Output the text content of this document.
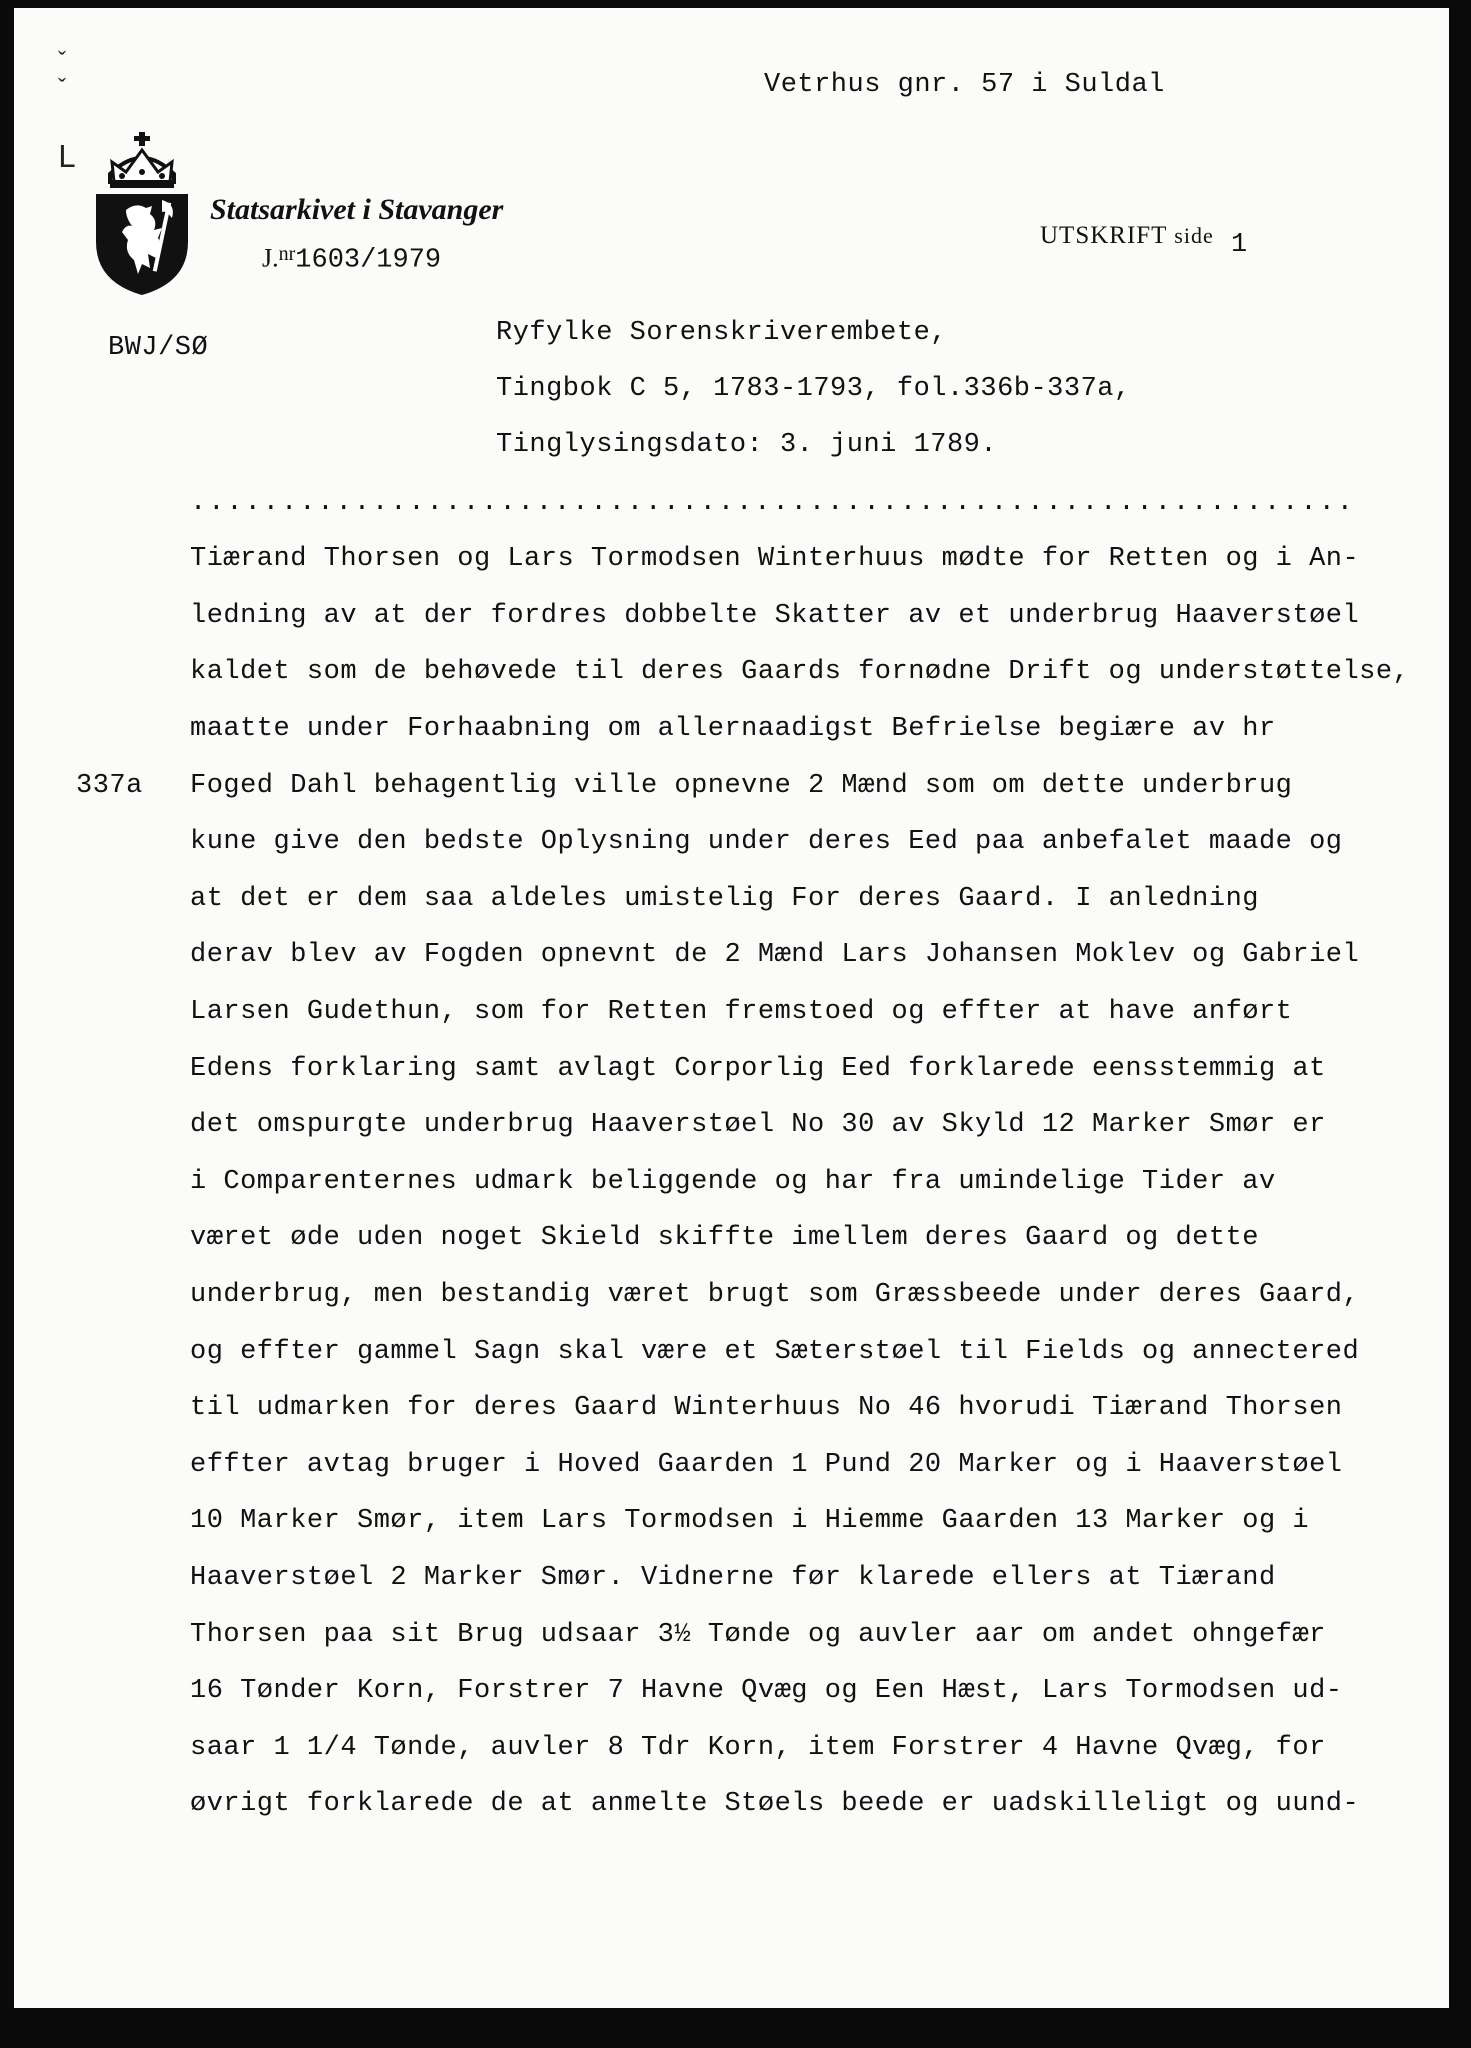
ˇ
ˇ
ᒪ
Vetrhus gnr. 57 i Suldal
Statsarkivet i Stavanger
J.nr1603/1979
UTSKRIFT side 1
BWJ/SØ	Ryfylke Sorenskriverembete,
Tingbok C 5, 1783-1793, fol.336b-337a,
Tinglysingsdato: 3. juni 1789.
................................................................
337a
Tiærand Thorsen og Lars Tormodsen Winterhuus mødte for Retten og i An-
ledning av at der fordres dobbelte Skatter av et underbrug Haaverstøel
kaldet som de behøvede til deres Gaards fornødne Drift og understøttelse,
maatte under Forhaabning om allernaadigst Befrielse begiære av hr
Foged Dahl behagentlig ville opnevne 2 Mænd som om dette underbrug
kune give den bedste Oplysning under deres Eed paa anbefalet maade og
at det er dem saa aldeles umistelig For deres Gaard. I anledning
derav blev av Fogden opnevnt de 2 Mænd Lars Johansen Moklev og Gabriel
Larsen Gudethun, som for Retten fremstoed og effter at have anført
Edens forklaring samt avlagt Corporlig Eed forklarede eensstemmig at
det omspurgte underbrug Haaverstøel No 30 av Skyld 12 Marker Smør er
i Comparenternes udmark beliggende og har fra umindelige Tider av
været øde uden noget Skield skiffte imellem deres Gaard og dette
underbrug, men bestandig været brugt som Græssbeede under deres Gaard,
og effter gammel Sagn skal være et Sæterstøel til Fields og annectered
til udmarken for deres Gaard Winterhuus No 46 hvorudi Tiærand Thorsen
effter avtag bruger i Hoved Gaarden 1 Pund 20 Marker og i Haaverstøel
10 Marker Smør, item Lars Tormodsen i Hiemme Gaarden 13 Marker og i
Haaverstøel 2 Marker Smør. Vidnerne før klarede ellers at Tiærand
Thorsen paa sit Brug udsaar 3½ Tønde og auvler aar om andet ohngefær
16 Tønder Korn, Forstrer 7 Havne Qvæg og Een Hæst, Lars Tormodsen ud-
saar 1 1/4 Tønde, auvler 8 Tdr Korn, item Forstrer 4 Havne Qvæg, for
øvrigt forklarede de at anmelte Støels beede er uadskilleligt og uund-
